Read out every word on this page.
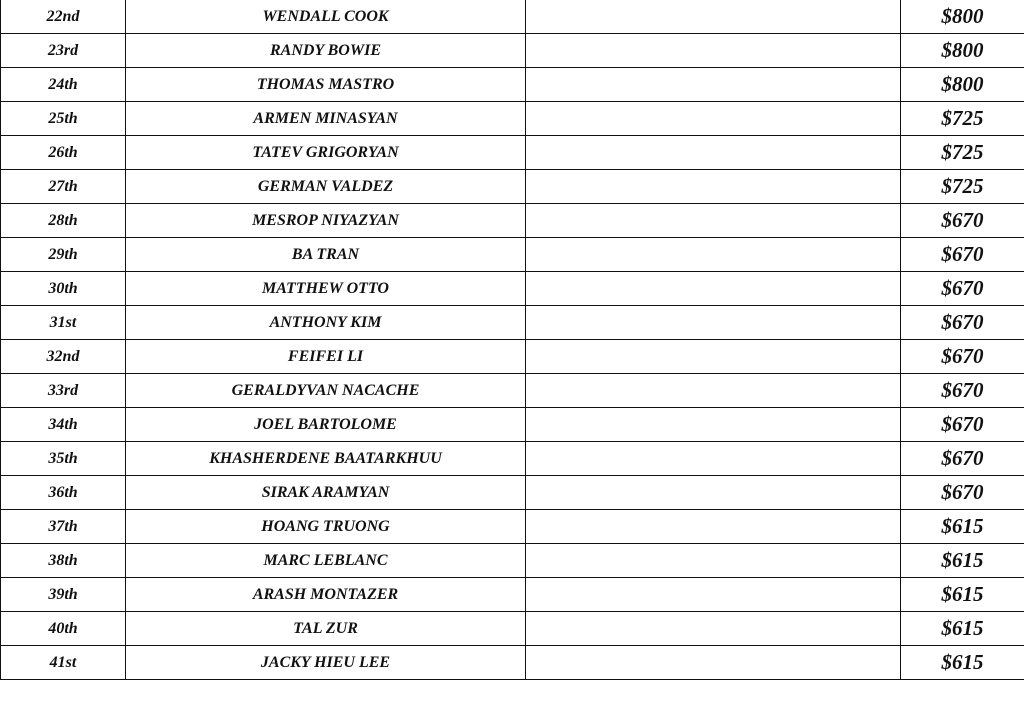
22nd	WENDALL COOK		$800
23rd	RANDY BOWIE		$800
24th	THOMAS MASTRO		$800
25th	ARMEN MINASYAN		$725
26th	TATEV GRIGORYAN		$725
27th	GERMAN VALDEZ		$725
28th	MESROP NIYAZYAN		$670
29th	BA TRAN		$670
30th	MATTHEW OTTO		$670
31st	ANTHONY KIM		$670
32nd	FEIFEI LI		$670
33rd	GERALDYVAN NACACHE		$670
34th	JOEL BARTOLOME		$670
35th	KHASHERDENE BAATARKHUU		$670
36th	SIRAK ARAMYAN		$670
37th	HOANG TRUONG		$615
38th	MARC LEBLANC		$615
39th	ARASH MONTAZER		$615
40th	TAL ZUR		$615
41st	JACKY HIEU LEE		$615
